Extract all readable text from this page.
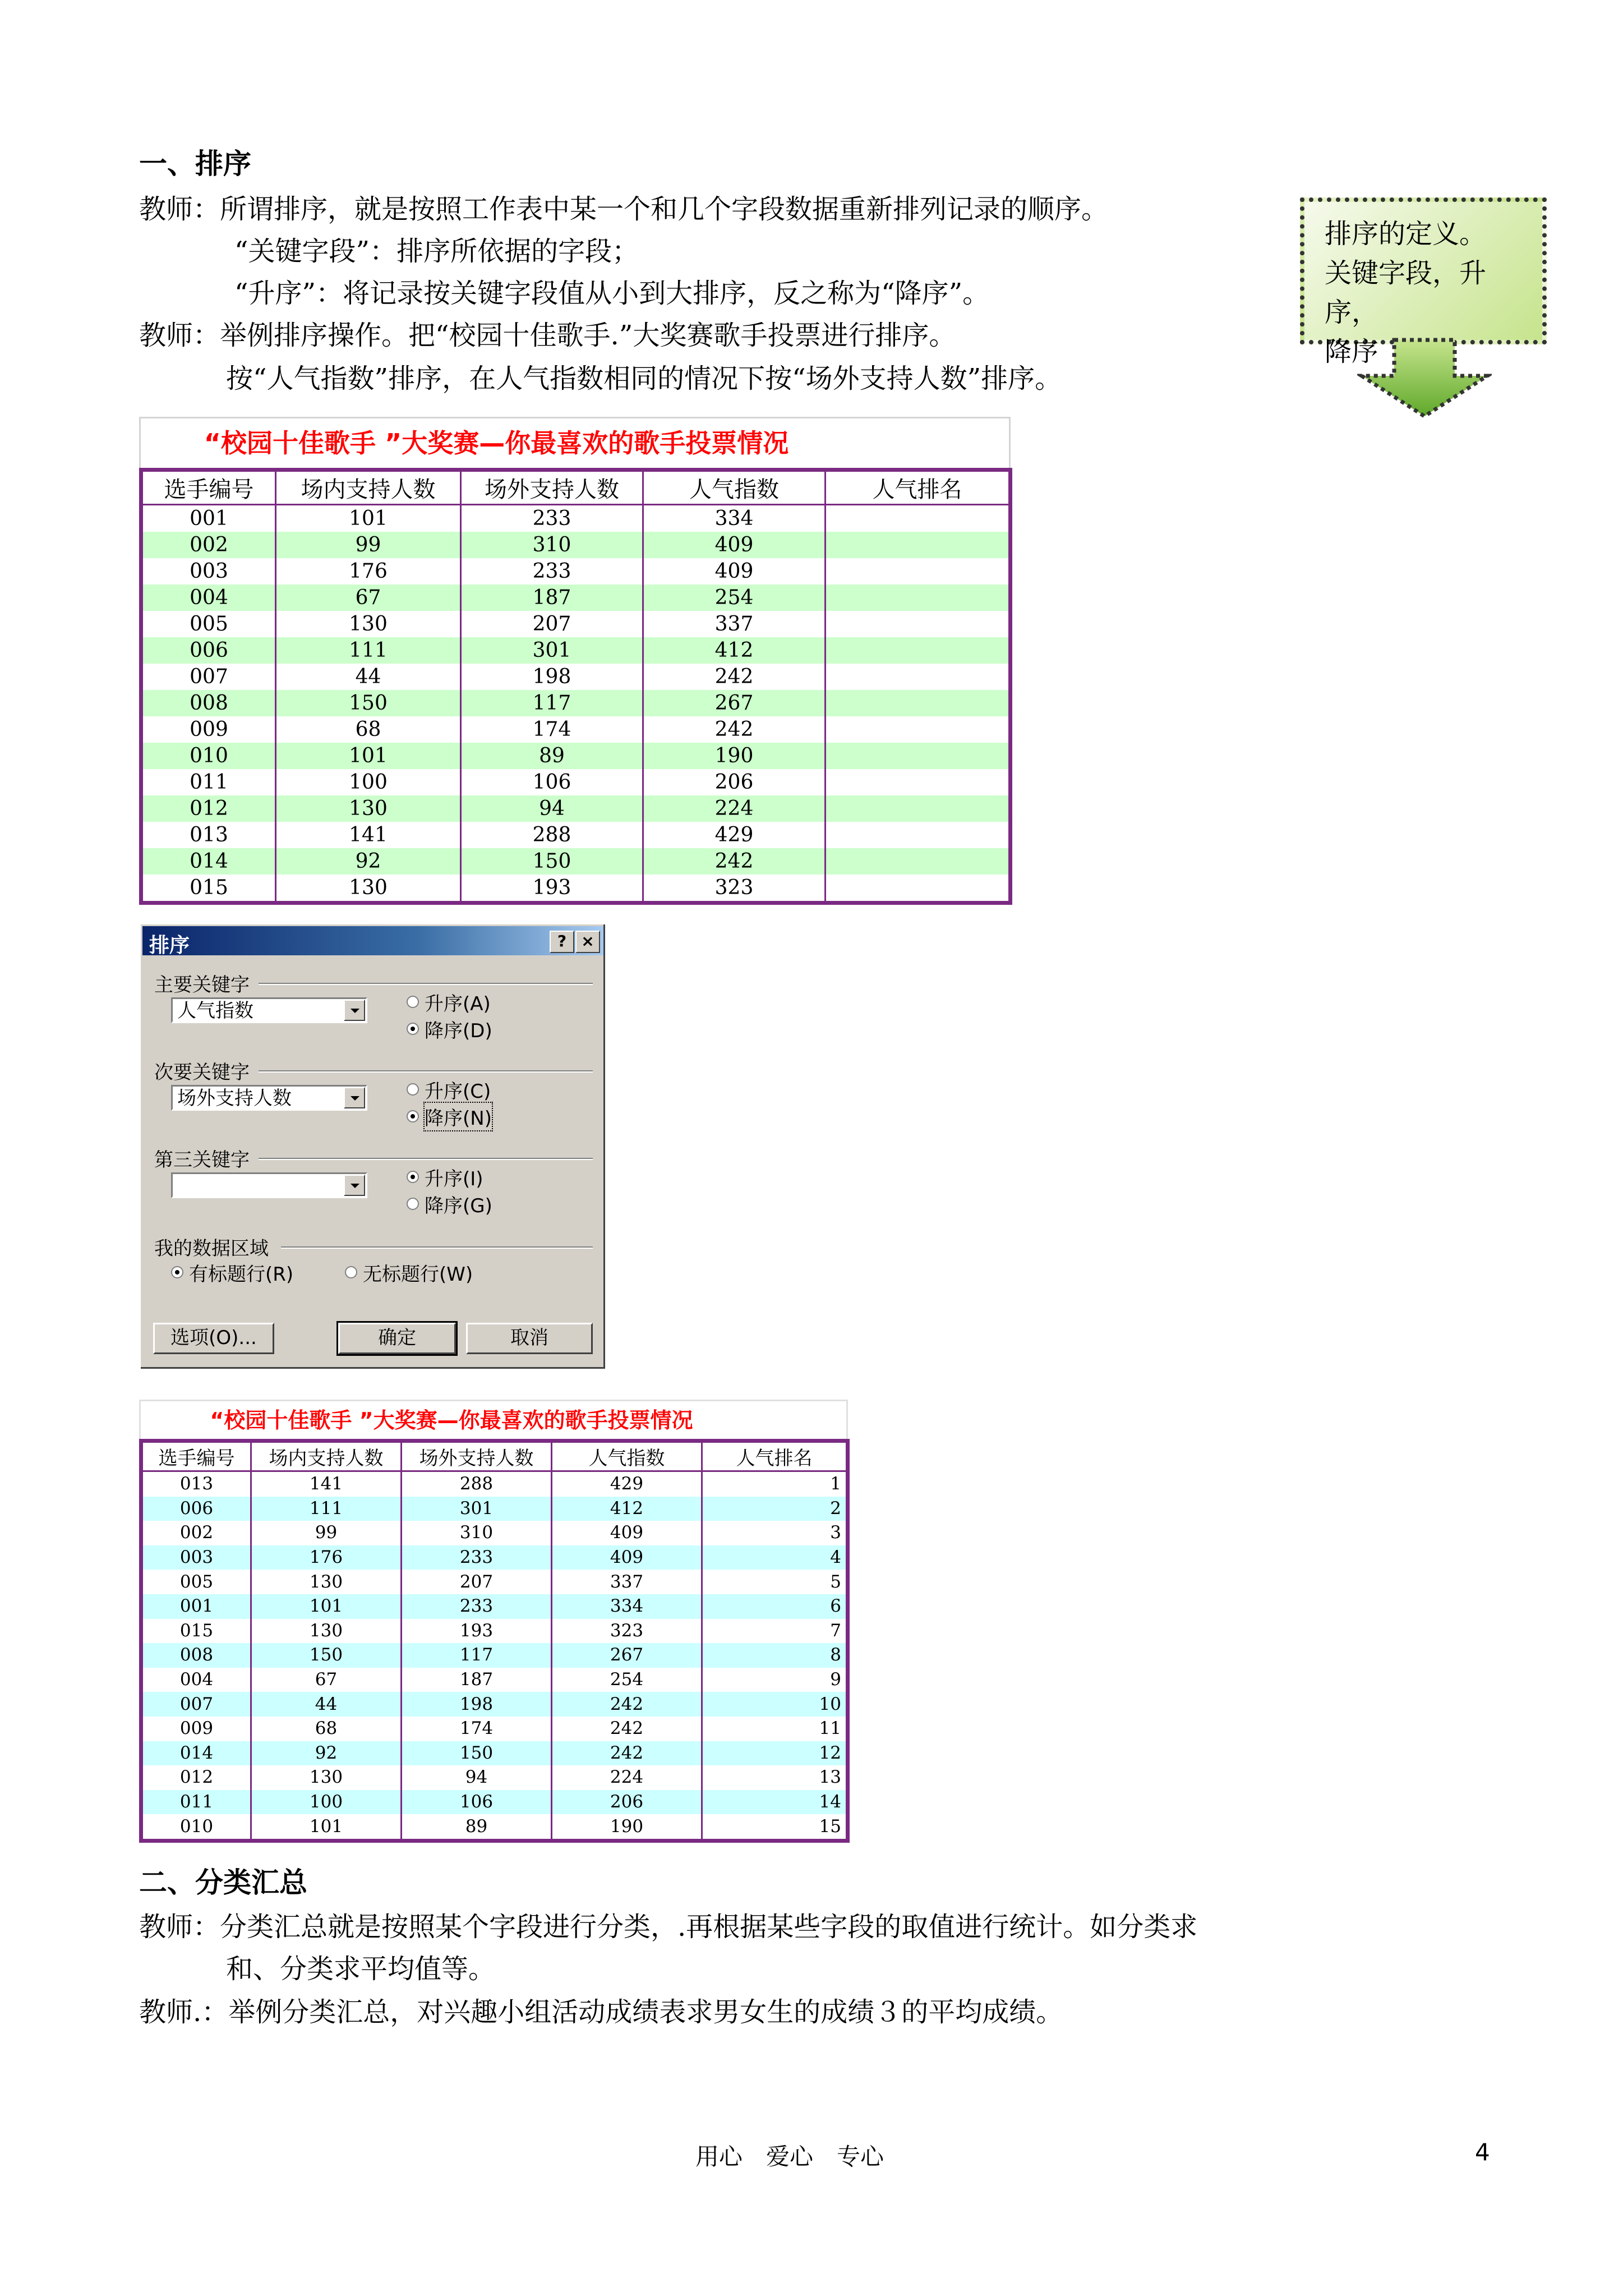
一、排序
教师：所谓排序，就是按照工作表中某一个和几个字段数据重新排列记录的顺序。
“关键字段”：排序所依据的字段；
“升序”：将记录按关键字段值从小到大排序，反之称为“降序”。
教师：举例排序操作。把“校园十佳歌手.”大奖赛歌手投票进行排序。
按“人气指数”排序，在人气指数相同的情况下按“场外支持人数”排序。
排序的定义。
关键字段，升序，
降序
“校园十佳歌手 ”大奖赛—你最喜欢的歌手投票情况
选手编号	场内支持人数	场外支持人数	人气指数	人气排名
001	101	233	334	
002	99	310	409	
003	176	233	409	
004	67	187	254	
005	130	207	337	
006	111	301	412	
007	44	198	242	
008	150	117	267	
009	68	174	242	
010	101	89	190	
011	100	106	206	
012	130	94	224	
013	141	288	429	
014	92	150	242	
015	130	193	323	
排序	? ×
主要关键字
人气指数	升序(A)
降序(D)
次要关键字
场外支持人数	升序(C)
降序(N)
第三关键字
升序(I)
降序(G)
我的数据区域
有标题行(R)	无标题行(W)
选项(O)...	确定	取消
“校园十佳歌手 ”大奖赛—你最喜欢的歌手投票情况
选手编号	场内支持人数	场外支持人数	人气指数	人气排名
013	141	288	429	1
006	111	301	412	2
002	99	310	409	3
003	176	233	409	4
005	130	207	337	5
001	101	233	334	6
015	130	193	323	7
008	150	117	267	8
004	67	187	254	9
007	44	198	242	10
009	68	174	242	11
014	92	150	242	12
012	130	94	224	13
011	100	106	206	14
010	101	89	190	15
二、分类汇总
教师：分类汇总就是按照某个字段进行分类，.再根据某些字段的取值进行统计。如分类求
和、分类求平均值等。
教师.：举例分类汇总，对兴趣小组活动成绩表求男女生的成绩３的平均成绩。
用心　爱心　专心	4
